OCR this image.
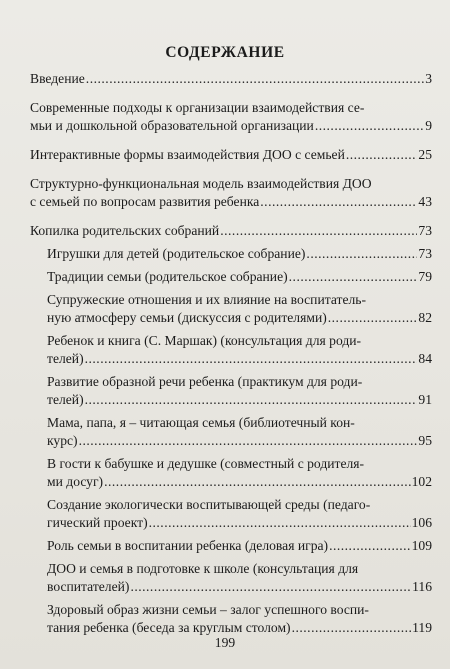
СОДЕРЖАНИЕ
Введение .....	3
Современные подходы к организации взаимодействия се-
мьи и дошкольной образовательной организации .....	9
Интерактивные формы взаимодействия ДОО с семьей .....	25
Структурно-функциональная модель взаимодействия ДОО
с семьей по вопросам развития ребенка .....	43
Копилка родительских собраний .....	73
Игрушки для детей (родительское собрание) .....	73
Традиции семьи (родительское собрание) .....	79
Супружеские отношения и их влияние на воспитатель-
ную атмосферу семьи (дискуссия с родителями) .....	82
Ребенок и книга (С. Маршак) (консультация для роди-
телей) .....	84
Развитие образной речи ребенка (практикум для роди-
телей) .....	91
Мама, папа, я – читающая семья (библиотечный кон-
курс) .....	95
В гости к бабушке и дедушке (совместный с родителя-
ми досуг) .....	102
Создание экологически воспитывающей среды (педаго-
гический проект) .....	106
Роль семьи в воспитании ребенка (деловая игра) .....	109
ДОО и семья в подготовке к школе (консультация для
воспитателей) .....	116
Здоровый образ жизни семьи – залог успешного воспи-
тания ребенка (беседа за круглым столом) .....	119
199
